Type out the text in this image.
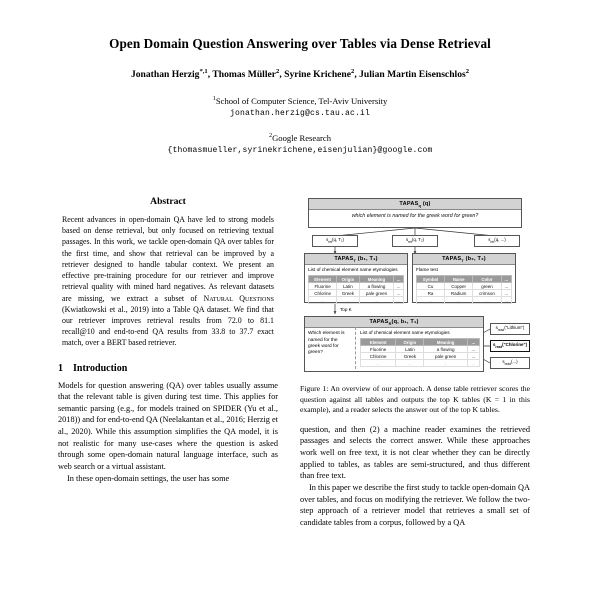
Open Domain Question Answering over Tables via Dense Retrieval
Jonathan Herzig$^{*,1}$, Thomas Müller$^2$, Syrine Krichene$^2$, Julian Martin Eisenschlos$^2$
$^1$School of Computer Science, Tel-Aviv University
jonathan.herzig@cs.tau.ac.il
$^2$Google Research
{thomasmueller,syrinekrichene,eisenjulian}@google.com
Abstract
Recent advances in open-domain QA have led to strong models based on dense retrieval, but only focused on retrieving textual passages. In this work, we tackle open-domain QA over tables for the first time, and show that retrieval can be improved by a retriever designed to handle tabular context. We present an effective pre-training procedure for our retriever and improve retrieval quality with mined hard negatives. As relevant datasets are missing, we extract a subset of Natural Questions (Kwiatkowski et al., 2019) into a Table QA dataset. We find that our retriever improves retrieval results from 72.0 to 81.1 recall@10 and end-to-end QA results from 33.8 to 37.7 exact match, over a BERT based retriever.
1 Introduction

Models for question answering (QA) over tables usually assume that the relevant table is given during test time. This applies for semantic parsing (e.g., for models trained on SPIDER (Yu et al., 2018)) and for end-to-end QA (Neelakantan et al., 2016; Herzig et al., 2020). While this assumption simplifies the QA model, it is not realistic for many use-cases where the question is asked through some open-domain natural language interface, such as web search or a virtual assistant.

In these open-domain settings, the user has some

$TAPAS_q$ (q)
which element is named for the greek word for green?
$s_{ret}(q$, T₁)	$s_{ret}(q$, T₂)	$s_{ret}(q$, ...)
$TAPAS_T$ (b₁, T₁)
List of chemical element name etymologies
Element	Origin	Meaning	...
Fluorine	Latin	a flowing	...
Chlorine	Greek	pale green	...
...	...	...	...
$TAPAS_T$ (b₂, T₂)
Flame test
Symbol	Name	Color	...
Cu	Copper	green	...
Ra	Radium	crimson	...
...	...	...	...
Top K
$TAPAS_R(q$, b₁, T₁)
Which element is named for the greek word for green?
List of chemical element name etymologies
Element	Origin	Meaning	...
Fluorine	Latin	a flowing	...
Chlorine	Greek	pale green	...
...	...	...	...
$s_{read}("Lithium")$
$s_{read}("Chlorine")$
$s_{read}(...)$
Figure 1: An overview of our approach. A dense table retriever scores the question against all tables and outputs the top K tables (K = 1 in this example), and a reader selects the answer out of the top K tables.

question, and then (2) a machine reader examines the retrieved passages and selects the correct answer. While these approaches work well on free text, it is not clear whether they can be directly applied to tables, as tables are semi-structured, and thus different than free text.

In this paper we describe the first study to tackle open-domain QA over tables, and focus on modifying the retriever. We follow the two-step approach of a retriever model that retrieves a small set of candidate tables from a corpus, followed by a QA
